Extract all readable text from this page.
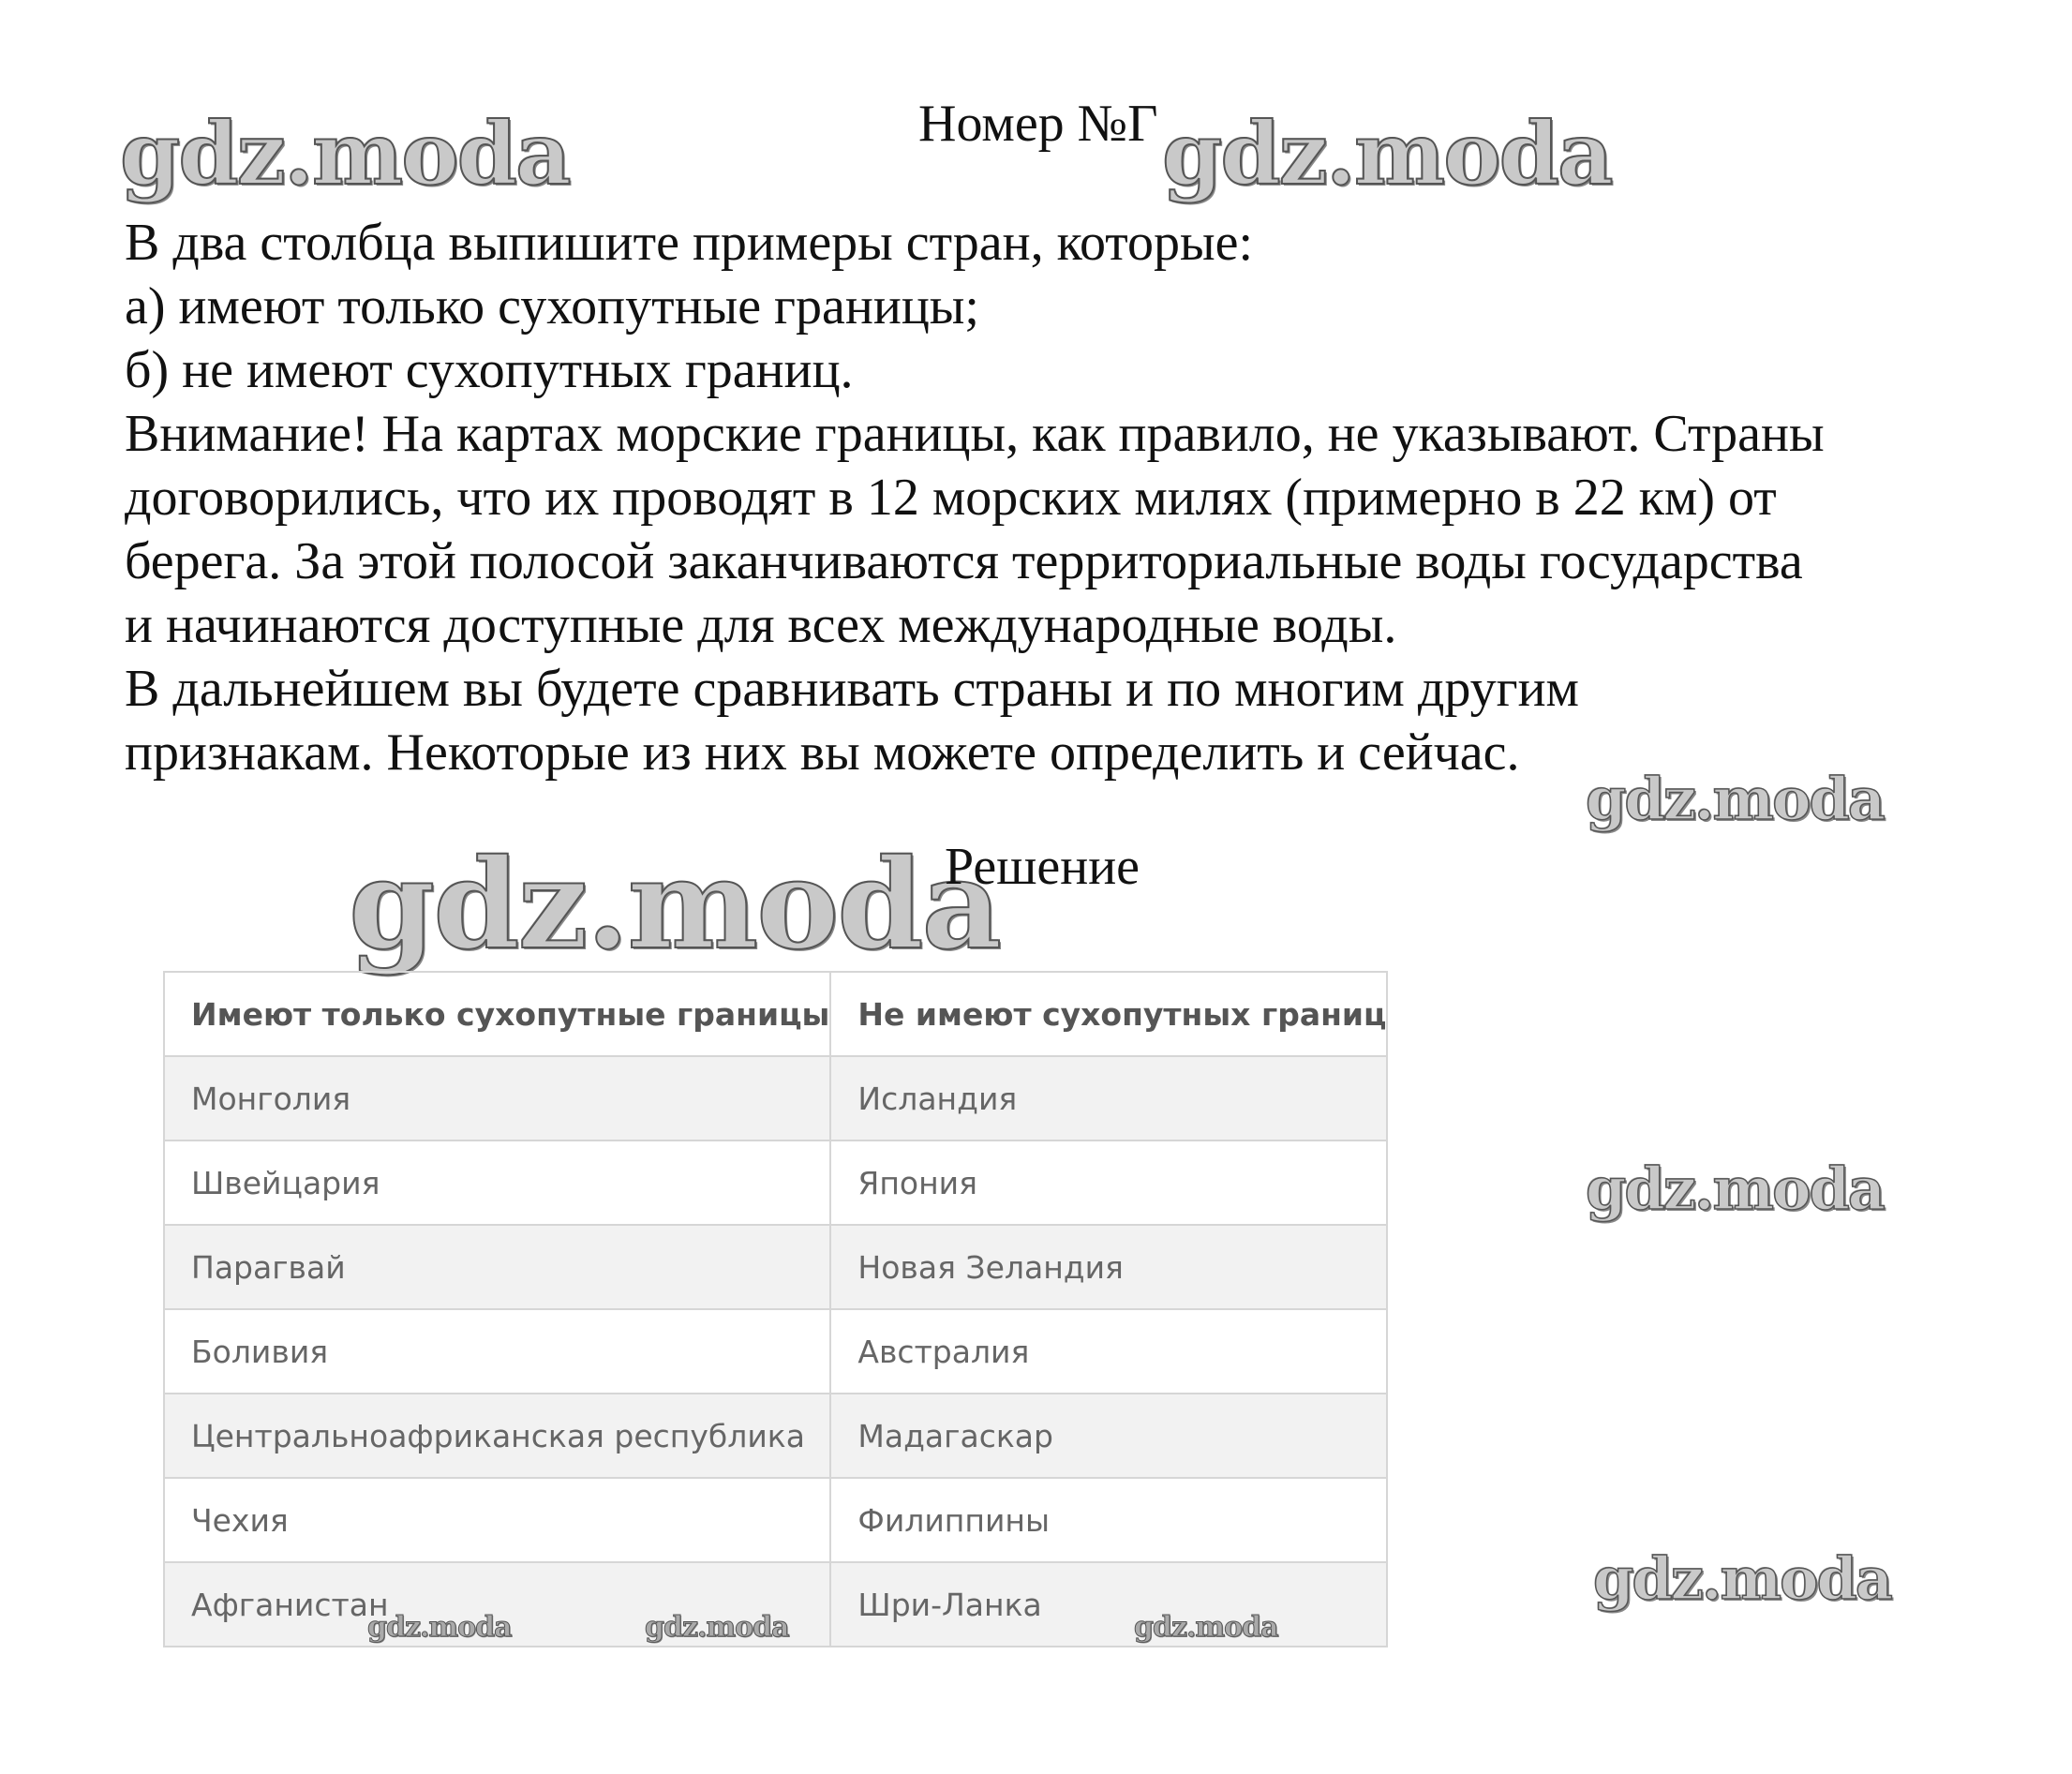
gdz.moda	Номер №Г gdz.moda

В два столбца выпишите примеры стран, которые:

а) имеют только сухопутные границы;

б) не имеют сухопутных границ.

Внимание! На картах морские границы, как правило, не указывают. Страны

договорились, что их проводят в 12 морских милях (примерно в 22 км) от

берега. За этой полосой заканчиваются территориальные воды государства

и начинаются доступные для всех международные воды.

В дальнейшем вы будете сравнивать страны и по многим другим

признакам. Некоторые из них вы можете определить и сейчас.

gdz.moda
gdz.moda
Решение
Имеют только сухопутные границы	Не имеют сухопутных границ
Монголия	Исландия
Швейцария	Япония
Парагвай	Новая Зеландия
Боливия	Австралия
Центральноафриканская республика	Мадагаскар
Чехия	Филиппины
Афганистан	Шри-Ланка
gdz.moda
gdz.moda
gdz.moda	gdz.moda	gdz.moda
